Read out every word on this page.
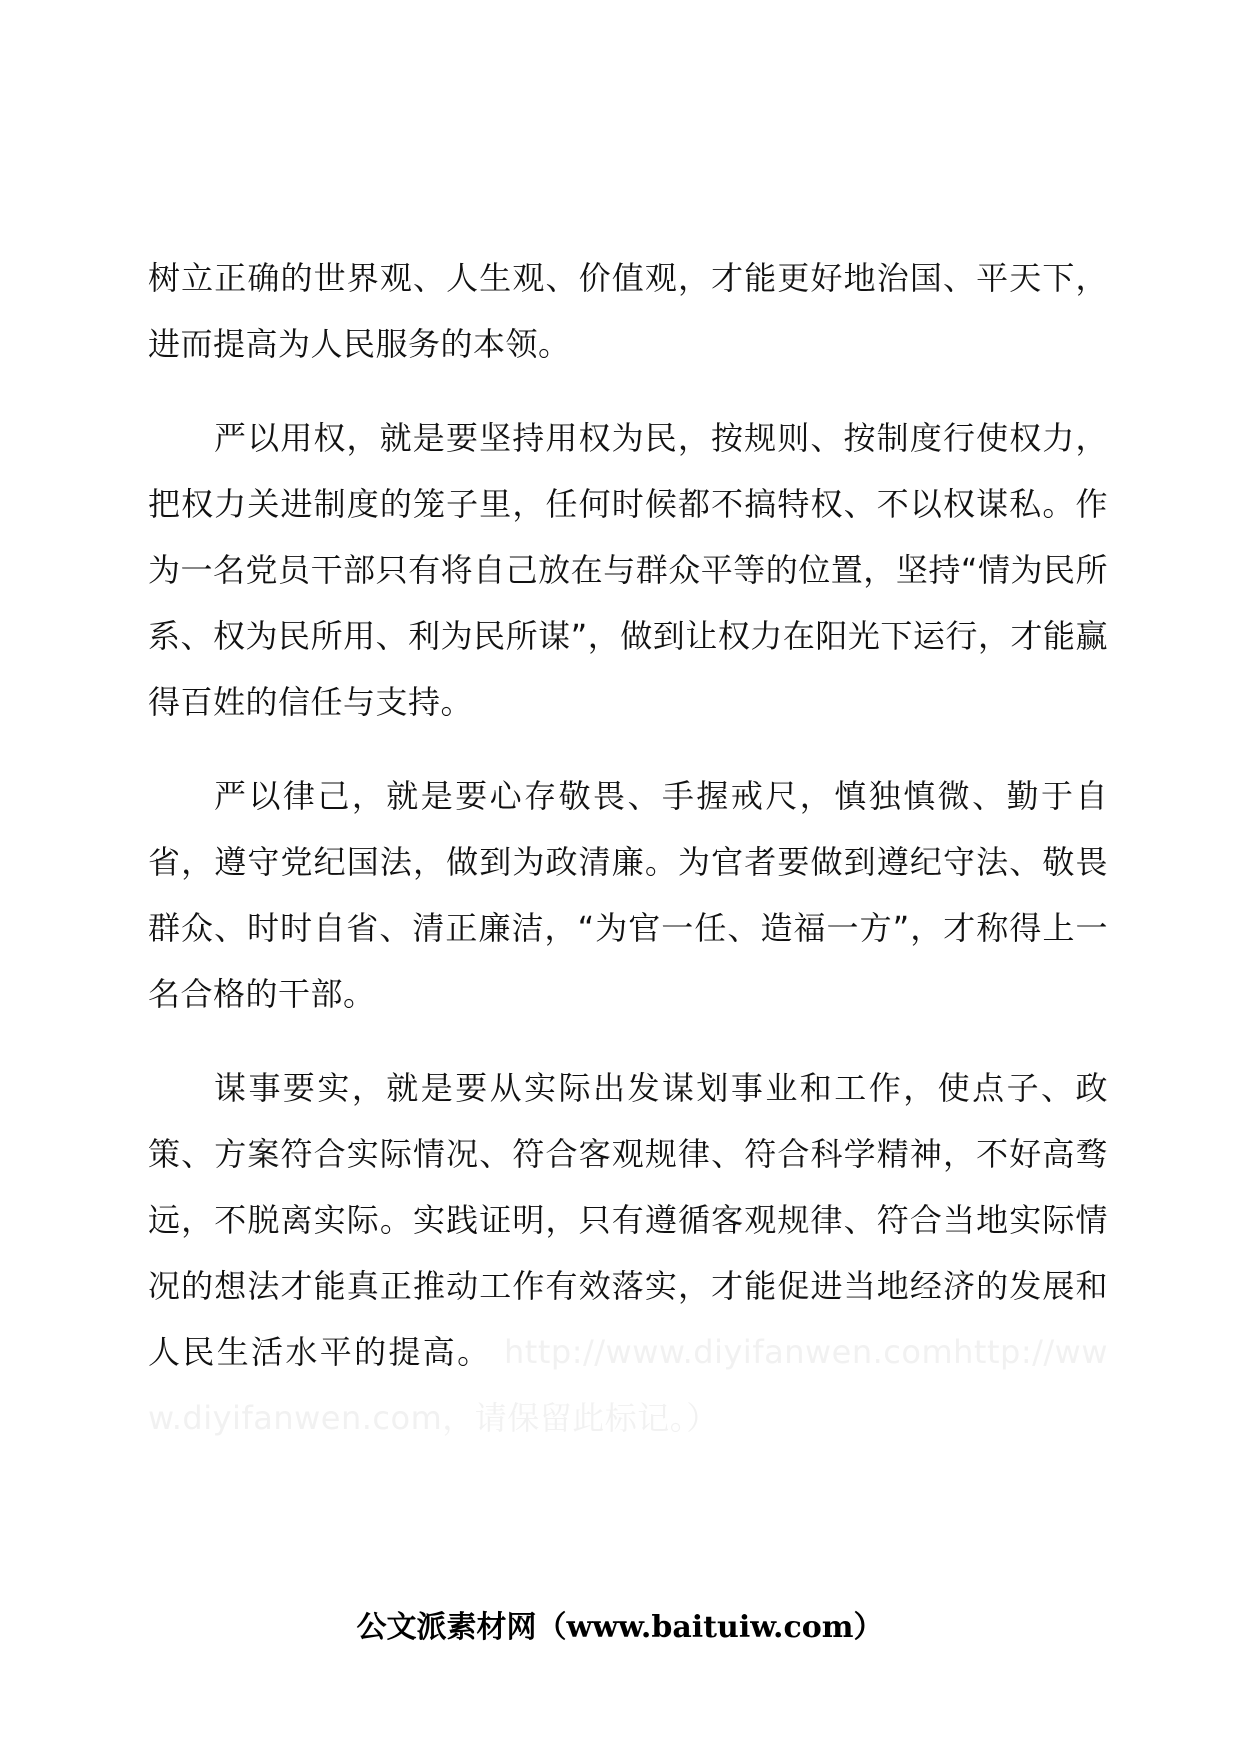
树立正确的世界观、人生观、价值观，才能更好地治国、平天下，进而提高为人民服务的本领。

严以用权，就是要坚持用权为民，按规则、按制度行使权力，把权力关进制度的笼子里，任何时候都不搞特权、不以权谋私。作为一名党员干部只有将自己放在与群众平等的位置，坚持“情为民所系、权为民所用、利为民所谋”，做到让权力在阳光下运行，才能赢得百姓的信任与支持。

严以律己，就是要心存敬畏、手握戒尺，慎独慎微、勤于自省，遵守党纪国法，做到为政清廉。为官者要做到遵纪守法、敬畏群众、时时自省、清正廉洁，“为官一任、造福一方”，才称得上一名合格的干部。

谋事要实，就是要从实际出发谋划事业和工作，使点子、政策、方案符合实际情况、符合客观规律、符合科学精神，不好高骛远，不脱离实际。实践证明，只有遵循客观规律、符合当地实际情况的想法才能真正推动工作有效落实，才能促进当地经济的发展和人民生活水平的提高。 http://www.diyifanwen.comhttp://www.diyifanwen.com，请保留此标记。）

公文派素材网（www.baituiw.com）
